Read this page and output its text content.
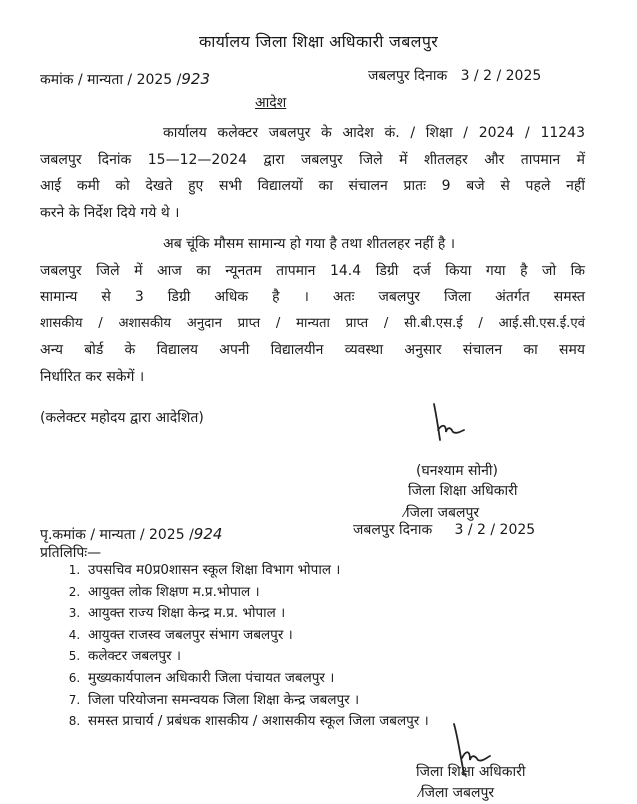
कार्यालय जिला शिक्षा अधिकारी जबलपुर
कमांक / मान्यता / 2025 /923	जबलपुर दिनाक 3 / 2 / 2025
आदेश
कार्यालय कलेक्टर जबलपुर के आदेश कं. / शिक्षा / 2024 / 11243
जबलपुर दिनांक 15—12—2024 द्वारा जबलपुर जिले में शीतलहर और तापमान में
आई कमी को देखते हुए सभी विद्यालयों का संचालन प्रातः 9 बजे से पहले नहीं
करने के निर्देश दिये गये थे ।
अब चूंकि मौसम सामान्य हो गया है तथा शीतलहर नहीं है ।
जबलपुर जिले में आज का न्यूनतम तापमान 14.4 डिग्री दर्ज किया गया है जो कि
सामान्य से 3 डिग्री अधिक है । अतः जबलपुर जिला अंतर्गत समस्त
शासकीय / अशासकीय अनुदान प्राप्त / मान्यता प्राप्त / सी.बी.एस.ई / आई.सी.एस.ई.एवं
अन्य बोर्ड के विद्यालय अपनी विद्यालयीन व्यवस्था अनुसार संचालन का समय
निर्धारित कर सकेगें ।
(कलेक्टर महोदय द्वारा आदेशित)
(घनश्याम सोनी)
जिला शिक्षा अधिकारी
⁄जिला जबलपुर
पृ.कमांक / मान्यता / 2025 /924	जबलपुर दिनाक 3 / 2 / 2025
प्रतिलिपिः—
1. उपसचिव म0प्र0शासन स्कूल शिक्षा विभाग भोपाल ।
2. आयुक्त लोक शिक्षण म.प्र.भोपाल ।
3. आयुक्त राज्य शिक्षा केन्द्र म.प्र. भोपाल ।
4. आयुक्त राजस्व जबलपुर संभाग जबलपुर ।
5. कलेक्टर जबलपुर ।
6. मुख्यकार्यपालन अधिकारी जिला पंचायत जबलपुर ।
7. जिला परियोजना समन्वयक जिला शिक्षा केन्द्र जबलपुर ।
8. समस्त प्राचार्य / प्रबंधक शासकीय / अशासकीय स्कूल जिला जबलपुर ।
जिला शिक्षा अधिकारी
⁄जिला जबलपुर
